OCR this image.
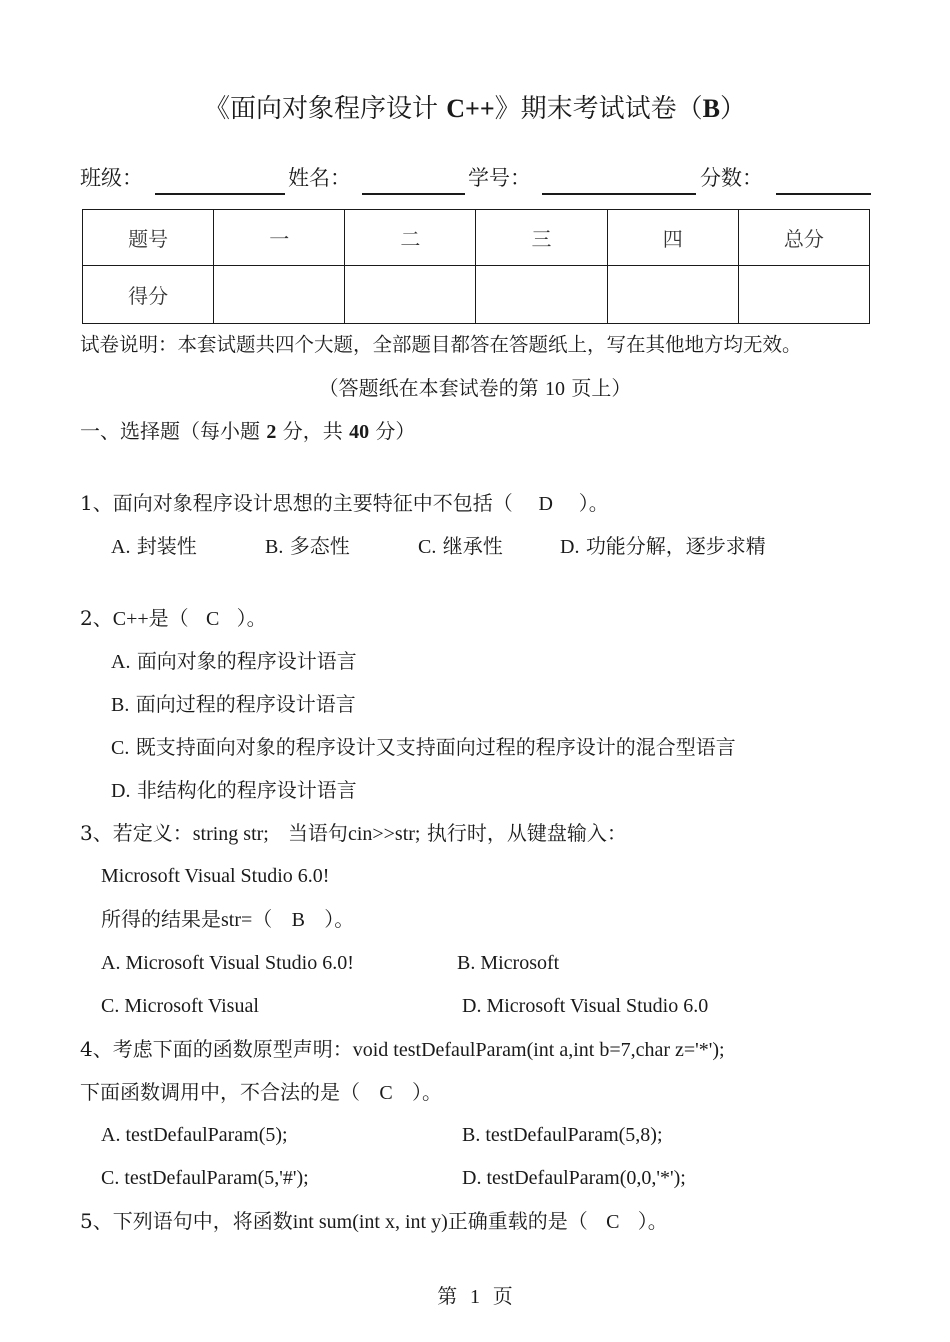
《面向对象程序设计 C++》期末考试试卷（B）
班级：	姓名：	学号：	分数：
题号	一	二	三	四	总分
得分					
试卷说明：本套试题共四个大题，全部题目都答在答题纸上，写在其他地方均无效。
（答题纸在本套试卷的第 10 页上）
一、选择题（每小题 2 分，共 40 分）
1、面向对象程序设计思想的主要特征中不包括（ D ）。
A. 封装性	B. 多态性	C. 继承性	D. 功能分解，逐步求精
2、C++是（ C ）。
A. 面向对象的程序设计语言
B. 面向过程的程序设计语言
C. 既支持面向对象的程序设计又支持面向过程的程序设计的混合型语言
D. 非结构化的程序设计语言
3、若定义：string str; 当语句cin>>str; 执行时，从键盘输入：
Microsoft Visual Studio 6.0!
所得的结果是str=（ B ）。
A. Microsoft Visual Studio 6.0!	B. Microsoft
C. Microsoft Visual	D. Microsoft Visual Studio 6.0
4、考虑下面的函数原型声明：void testDefaulParam(int a,int b=7,char z='*');
下面函数调用中，不合法的是（ C ）。
A. testDefaulParam(5);	B. testDefaulParam(5,8);
C. testDefaulParam(5,'#');	D. testDefaulParam(0,0,'*');
5、下列语句中，将函数int sum(int x, int y)正确重载的是（ C ）。
第 1 页
